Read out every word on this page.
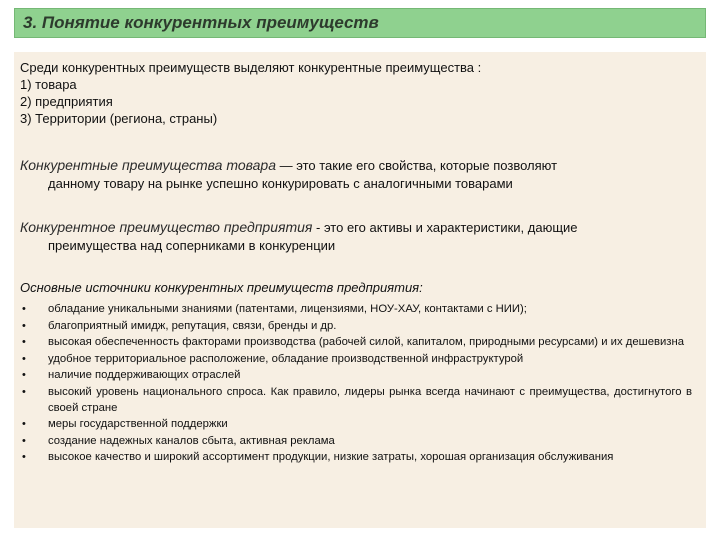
3. Понятие конкурентных преимуществ
Среди конкурентных преимуществ выделяют конкурентные преимущества :
1) товара
2) предприятия
3) Территории (региона, страны)
Конкурентные преимущества товара — это такие его свойства, которые позволяют
данному товару на рынке успешно конкурировать с аналогичными товарами
Конкурентное преимущество предприятия - это его активы и характеристики, дающие
преимущества над соперниками в конкуренции
Основные источники конкурентных преимуществ предприятия:
• обладание уникальными знаниями (патентами, лицензиями, НОУ-ХАУ, контактами с НИИ);
• благоприятный имидж, репутация, связи, бренды и др.
• высокая обеспеченность факторами производства (рабочей силой, капиталом, природными ресурсами) и их дешевизна
• удобное территориальное расположение, обладание производственной инфраструктурой
• наличие поддерживающих отраслей
• высокий уровень национального спроса. Как правило, лидеры рынка всегда начинают с преимущества, достигнутого в своей стране
• меры государственной поддержки
• создание надежных каналов сбыта, активная реклама
• высокое качество и широкий ассортимент продукции, низкие затраты, хорошая организация обслуживания
